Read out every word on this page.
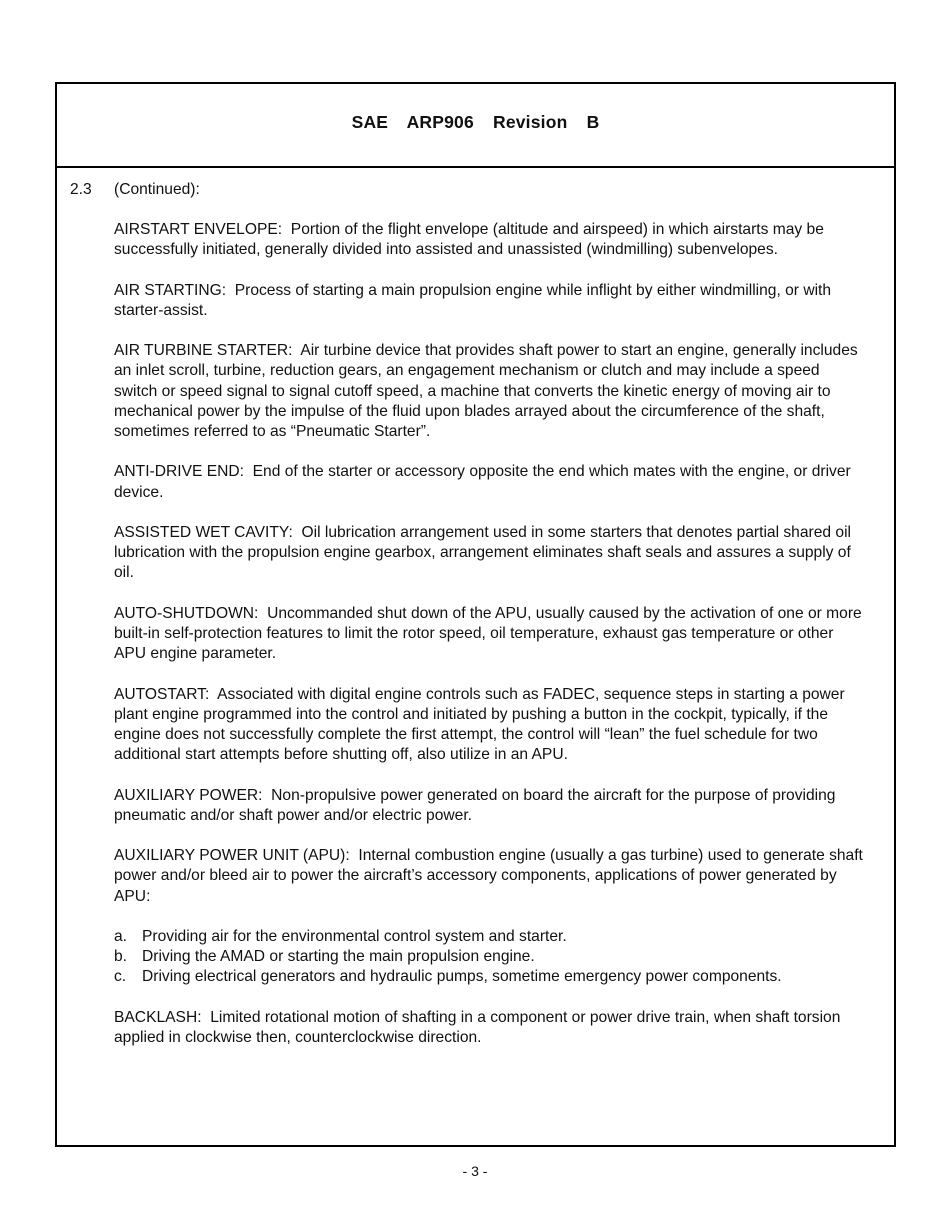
SAE ARP906 Revision B
2.3 (Continued):

AIRSTART ENVELOPE: Portion of the flight envelope (altitude and airspeed) in which airstarts may be successfully initiated, generally divided into assisted and unassisted (windmilling) subenvelopes.

AIR STARTING: Process of starting a main propulsion engine while inflight by either windmilling, or with starter-assist.

AIR TURBINE STARTER: Air turbine device that provides shaft power to start an engine, generally includes an inlet scroll, turbine, reduction gears, an engagement mechanism or clutch and may include a speed switch or speed signal to signal cutoff speed, a machine that converts the kinetic energy of moving air to mechanical power by the impulse of the fluid upon blades arrayed about the circumference of the shaft, sometimes referred to as “Pneumatic Starter”.

ANTI-DRIVE END: End of the starter or accessory opposite the end which mates with the engine, or driver device.

ASSISTED WET CAVITY: Oil lubrication arrangement used in some starters that denotes partial shared oil lubrication with the propulsion engine gearbox, arrangement eliminates shaft seals and assures a supply of oil.

AUTO-SHUTDOWN: Uncommanded shut down of the APU, usually caused by the activation of one or more built-in self-protection features to limit the rotor speed, oil temperature, exhaust gas temperature or other APU engine parameter.

AUTOSTART: Associated with digital engine controls such as FADEC, sequence steps in starting a power plant engine programmed into the control and initiated by pushing a button in the cockpit, typically, if the engine does not successfully complete the first attempt, the control will “lean” the fuel schedule for two additional start attempts before shutting off, also utilize in an APU.

AUXILIARY POWER: Non-propulsive power generated on board the aircraft for the purpose of providing pneumatic and/or shaft power and/or electric power.

AUXILIARY POWER UNIT (APU): Internal combustion engine (usually a gas turbine) used to generate shaft power and/or bleed air to power the aircraft’s accessory components, applications of power generated by APU:

a. Providing air for the environmental control system and starter.
b. Driving the AMAD or starting the main propulsion engine.
c.	Driving electrical generators and hydraulic pumps, sometime emergency power components.

BACKLASH: Limited rotational motion of shafting in a component or power drive train, when shaft torsion applied in clockwise then, counterclockwise direction.

- 3 -
